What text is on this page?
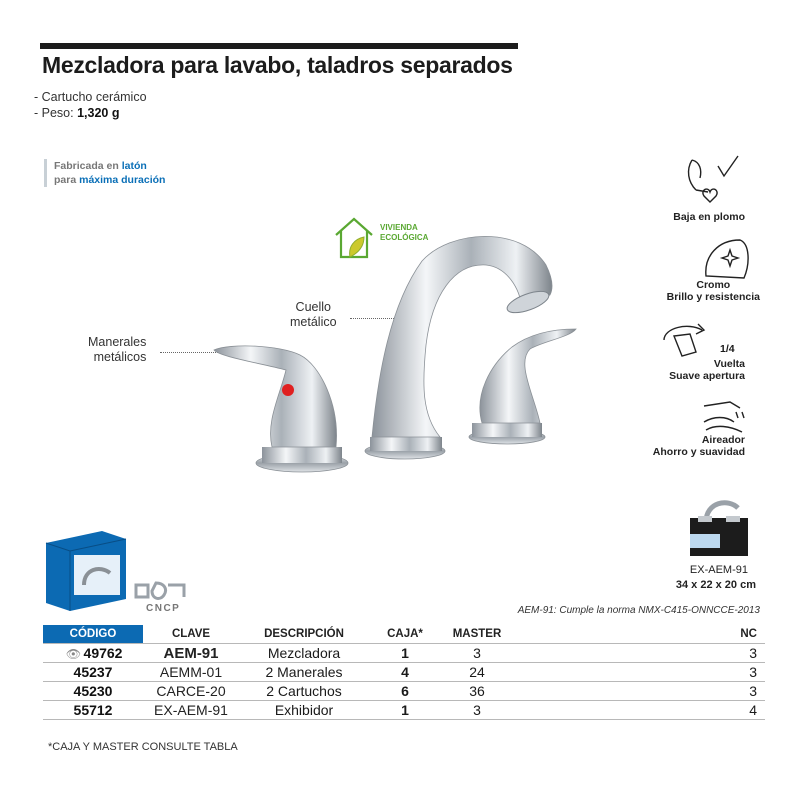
Mezcladora para lavabo, taladros separados
- Cartucho cerámico
- Peso: 1,320 g
Fabricada en latón
para máxima duración
VIVIENDA
ECOLÓGICA
Manerales
metálicos
Cuello
metálico
Baja en plomo
Cromo
Brillo y resistencia
1/4
Vuelta
Suave apertura
Aireador
Ahorro y suavidad
EX-AEM-91
34 x 22 x 20 cm
CNCP	AEM-91: Cumple la norma NMX-C415-ONNCCE-2013
CÓDIGO	CLAVE	DESCRIPCIÓN	CAJA*	MASTER	NC
👁 49762	AEM-91	Mezcladora	1	3	3
45237	AEMM-01	2 Manerales	4	24	3
45230	CARCE-20	2 Cartuchos	6	36	3
55712	EX-AEM-91	Exhibidor	1	3	4
*CAJA Y MASTER CONSULTE TABLA
